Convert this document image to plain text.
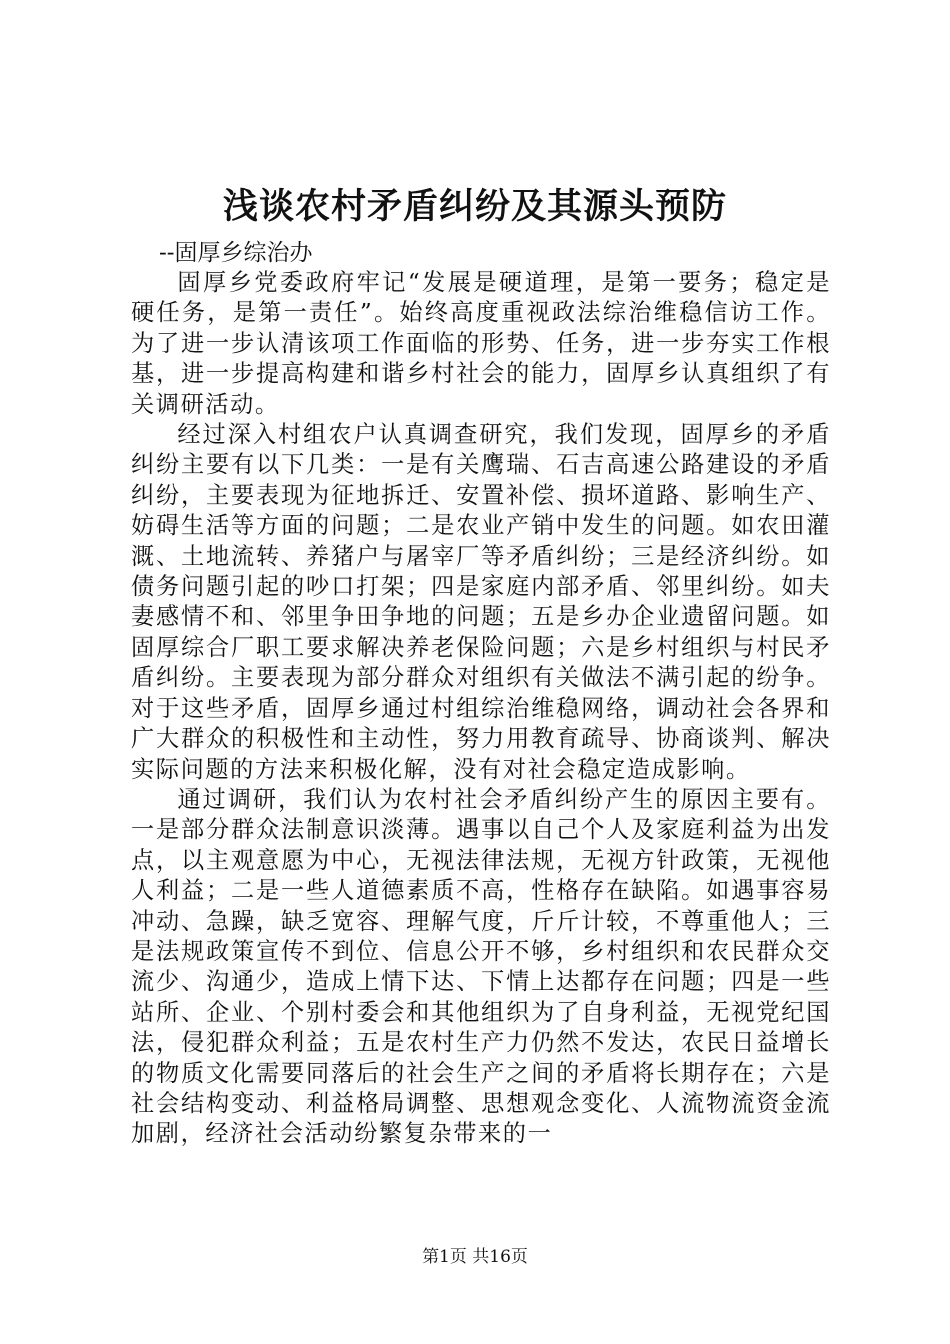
浅谈农村矛盾纠纷及其源头预防

--固厚乡综治办

固厚乡党委政府牢记“发展是硬道理，是第一要务；稳定是硬任务，是第一责任”。始终高度重视政法综治维稳信访工作。为了进一步认清该项工作面临的形势、任务，进一步夯实工作根基，进一步提高构建和谐乡村社会的能力，固厚乡认真组织了有关调研活动。

经过深入村组农户认真调查研究，我们发现，固厚乡的矛盾纠纷主要有以下几类：一是有关鹰瑞、石吉高速公路建设的矛盾纠纷，主要表现为征地拆迁、安置补偿、损坏道路、影响生产、妨碍生活等方面的问题；二是农业产销中发生的问题。如农田灌溉、土地流转、养猪户与屠宰厂等矛盾纠纷；三是经济纠纷。如债务问题引起的吵口打架；四是家庭内部矛盾、邻里纠纷。如夫妻感情不和、邻里争田争地的问题；五是乡办企业遗留问题。如固厚综合厂职工要求解决养老保险问题；六是乡村组织与村民矛盾纠纷。主要表现为部分群众对组织有关做法不满引起的纷争。对于这些矛盾，固厚乡通过村组综治维稳网络，调动社会各界和广大群众的积极性和主动性，努力用教育疏导、协商谈判、解决实际问题的方法来积极化解，没有对社会稳定造成影响。

通过调研，我们认为农村社会矛盾纠纷产生的原因主要有。一是部分群众法制意识淡薄。遇事以自己个人及家庭利益为出发点，以主观意愿为中心，无视法律法规，无视方针政策，无视他人利益；二是一些人道德素质不高，性格存在缺陷。如遇事容易冲动、急躁，缺乏宽容、理解气度，斤斤计较，不尊重他人；三是法规政策宣传不到位、信息公开不够，乡村组织和农民群众交流少、沟通少，造成上情下达、下情上达都存在问题；四是一些站所、企业、个别村委会和其他组织为了自身利益，无视党纪国法，侵犯群众利益；五是农村生产力仍然不发达，农民日益增长的物质文化需要同落后的社会生产之间的矛盾将长期存在；六是社会结构变动、利益格局调整、思想观念变化、人流物流资金流加剧，经济社会活动纷繁复杂带来的一

第1页 共16页
